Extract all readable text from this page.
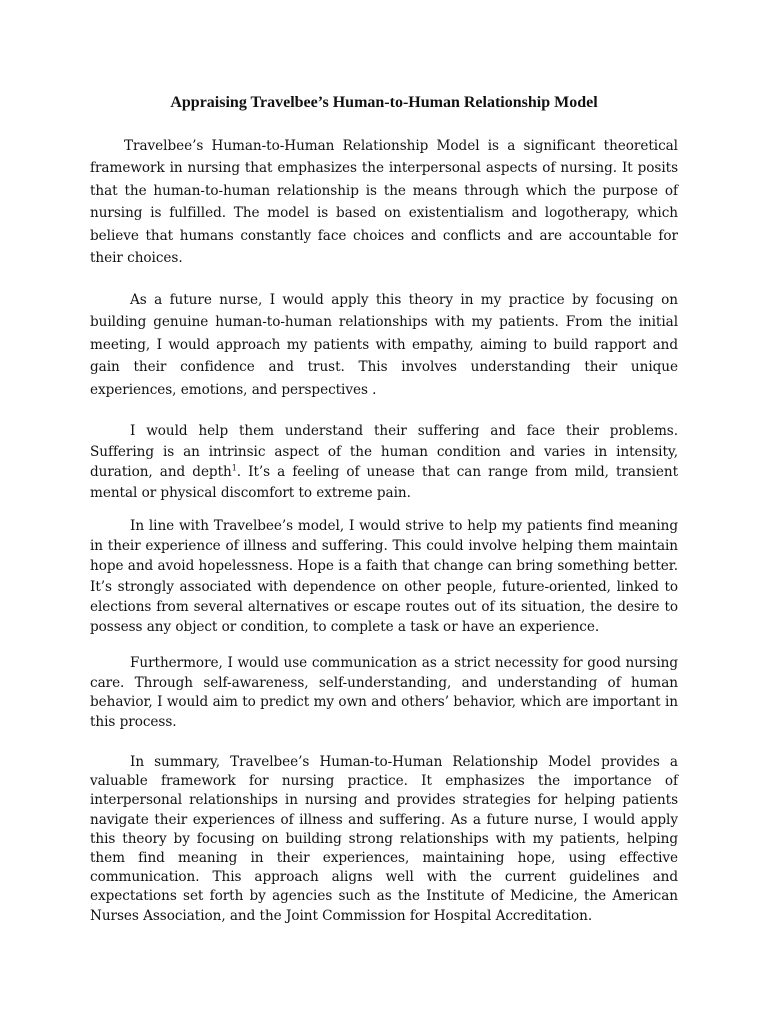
Appraising Travelbee’s Human-to-Human Relationship Model

Travelbee’s Human-to-Human Relationship Model is a significant theoretical framework in nursing that emphasizes the interpersonal aspects of nursing. It posits that the human-to-human relationship is the means through which the purpose of nursing is fulfilled. The model is based on existentialism and logotherapy, which believe that humans constantly face choices and conflicts and are accountable for their choices.

As a future nurse, I would apply this theory in my practice by focusing on building genuine human-to-human relationships with my patients. From the initial meeting, I would approach my patients with empathy, aiming to build rapport and gain their confidence and trust. This involves understanding their unique experiences, emotions, and perspectives .

I would help them understand their suffering and face their problems. Suffering is an intrinsic aspect of the human condition and varies in intensity, duration, and depth$^1$. It’s a feeling of unease that can range from mild, transient mental or physical discomfort to extreme pain.

In line with Travelbee’s model, I would strive to help my patients find meaning in their experience of illness and suffering. This could involve helping them maintain hope and avoid hopelessness. Hope is a faith that change can bring something better. It’s strongly associated with dependence on other people, future-oriented, linked to elections from several alternatives or escape routes out of its situation, the desire to possess any object or condition, to complete a task or have an experience.

Furthermore, I would use communication as a strict necessity for good nursing care. Through self-awareness, self-understanding, and understanding of human behavior, I would aim to predict my own and others’ behavior, which are important in this process.

In summary, Travelbee’s Human-to-Human Relationship Model provides a valuable framework for nursing practice. It emphasizes the importance of interpersonal relationships in nursing and provides strategies for helping patients navigate their experiences of illness and suffering. As a future nurse, I would apply this theory by focusing on building strong relationships with my patients, helping them find meaning in their experiences, maintaining hope, using effective communication. This approach aligns well with the current guidelines and expectations set forth by agencies such as the Institute of Medicine, the American Nurses Association, and the Joint Commission for Hospital Accreditation.
